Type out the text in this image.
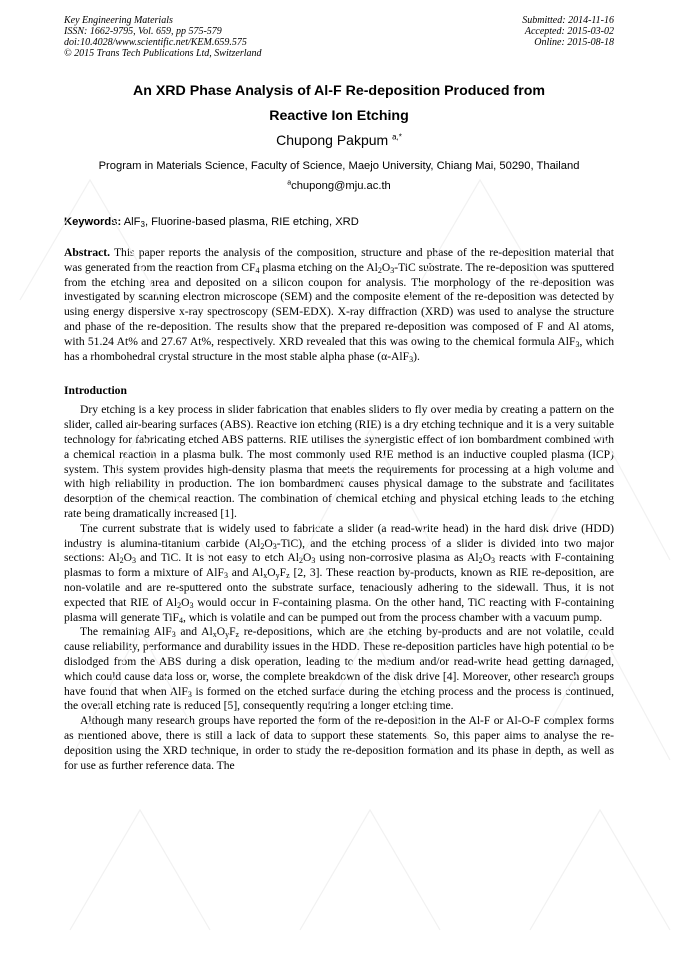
Key Engineering Materials
ISSN: 1662-9795, Vol. 659, pp 575-579
doi:10.4028/www.scientific.net/KEM.659.575
© 2015 Trans Tech Publications Ltd, Switzerland
Submitted: 2014-11-16
Accepted: 2015-03-02
Online: 2015-08-18
An XRD Phase Analysis of Al-F Re-deposition Produced from
Reactive Ion Etching
Chupong Pakpum $^{a,*}$
Program in Materials Science, Faculty of Science, Maejo University, Chiang Mai, 50290, Thailand
$^a$chupong@mju.ac.th
Keywords: AlF$_3$, Fluorine-based plasma, RIE etching, XRD
Abstract. This paper reports the analysis of the composition, structure and phase of the re-deposition material that was generated from the reaction from $CF_4$ plasma etching on the $Al_2O_3$-TiC substrate. The re-deposition was sputtered from the etching area and deposited on a silicon coupon for analysis. The morphology of the re-deposition was investigated by scanning electron microscope (SEM) and the composite element of the re-deposition was detected by using energy dispersive x-ray spectroscopy (SEM-EDX). X-ray diffraction (XRD) was used to analyse the structure and phase of the re-deposition. The results show that the prepared re-deposition was composed of F and Al atoms, with 51.24 At% and 27.67 At%, respectively. XRD revealed that this was owing to the chemical formula AlF$_3$, which has a rhombohedral crystal structure in the most stable alpha phase (α-AlF$_3$).
Introduction

Dry etching is a key process in slider fabrication that enables sliders to fly over media by creating a pattern on the slider, called air-bearing surfaces (ABS). Reactive ion etching (RIE) is a dry etching technique and it is a very suitable technology for fabricating etched ABS patterns. RIE utilises the synergistic effect of ion bombardment combined with a chemical reaction in a plasma bulk. The most commonly used RIE method is an inductive coupled plasma (ICP) system. This system provides high-density plasma that meets the requirements for processing at a high volume and with high reliability in production. The ion bombardment causes physical damage to the substrate and facilitates desorption of the chemical reaction. The combination of chemical etching and physical etching leads to the etching rate being dramatically increased [1].

The current substrate that is widely used to fabricate a slider (a read-write head) in the hard disk drive (HDD) industry is alumina-titanium carbide $(Al_2O_3-TiC)$, and the etching process of a slider is divided into two major sections: $Al_2O_3$ and TiC. It is not easy to etch $Al_2O_3$ using non-corrosive plasma as $Al_2O_3$ reacts with F-containing plasmas to form a mixture of AlF$_3$ and $Al_xO_yF_z$ [2, 3]. These reaction by-products, known as RIE re-deposition, are non-volatile and are re-sputtered onto the substrate surface, tenaciously adhering to the sidewall. Thus, it is not expected that RIE of $Al_2O_3$ would occur in F-containing plasma. On the other hand, TiC reacting with F-containing plasma will generate TiF$_4$, which is volatile and can be pumped out from the process chamber with a vacuum pump.

The remaining AlF$_3$ and $Al_xO_yF_z$ re-depositions, which are the etching by-products and are not volatile, could cause reliability, performance and durability issues in the HDD. These re-deposition particles have high potential to be dislodged from the ABS during a disk operation, leading to the medium and/or read-write head getting damaged, which could cause data loss or, worse, the complete breakdown of the disk drive [4]. Moreover, other research groups have found that when AlF$_3$ is formed on the etched surface during the etching process and the process is continued, the overall etching rate is reduced [5], consequently requiring a longer etching time.

Although many research groups have reported the form of the re-deposition in the Al-F or Al-O-F complex forms as mentioned above, there is still a lack of data to support these statements. So, this paper aims to analyse the re-deposition using the XRD technique, in order to study the re-deposition formation and its phase in depth, as well as for use as further reference data. The
